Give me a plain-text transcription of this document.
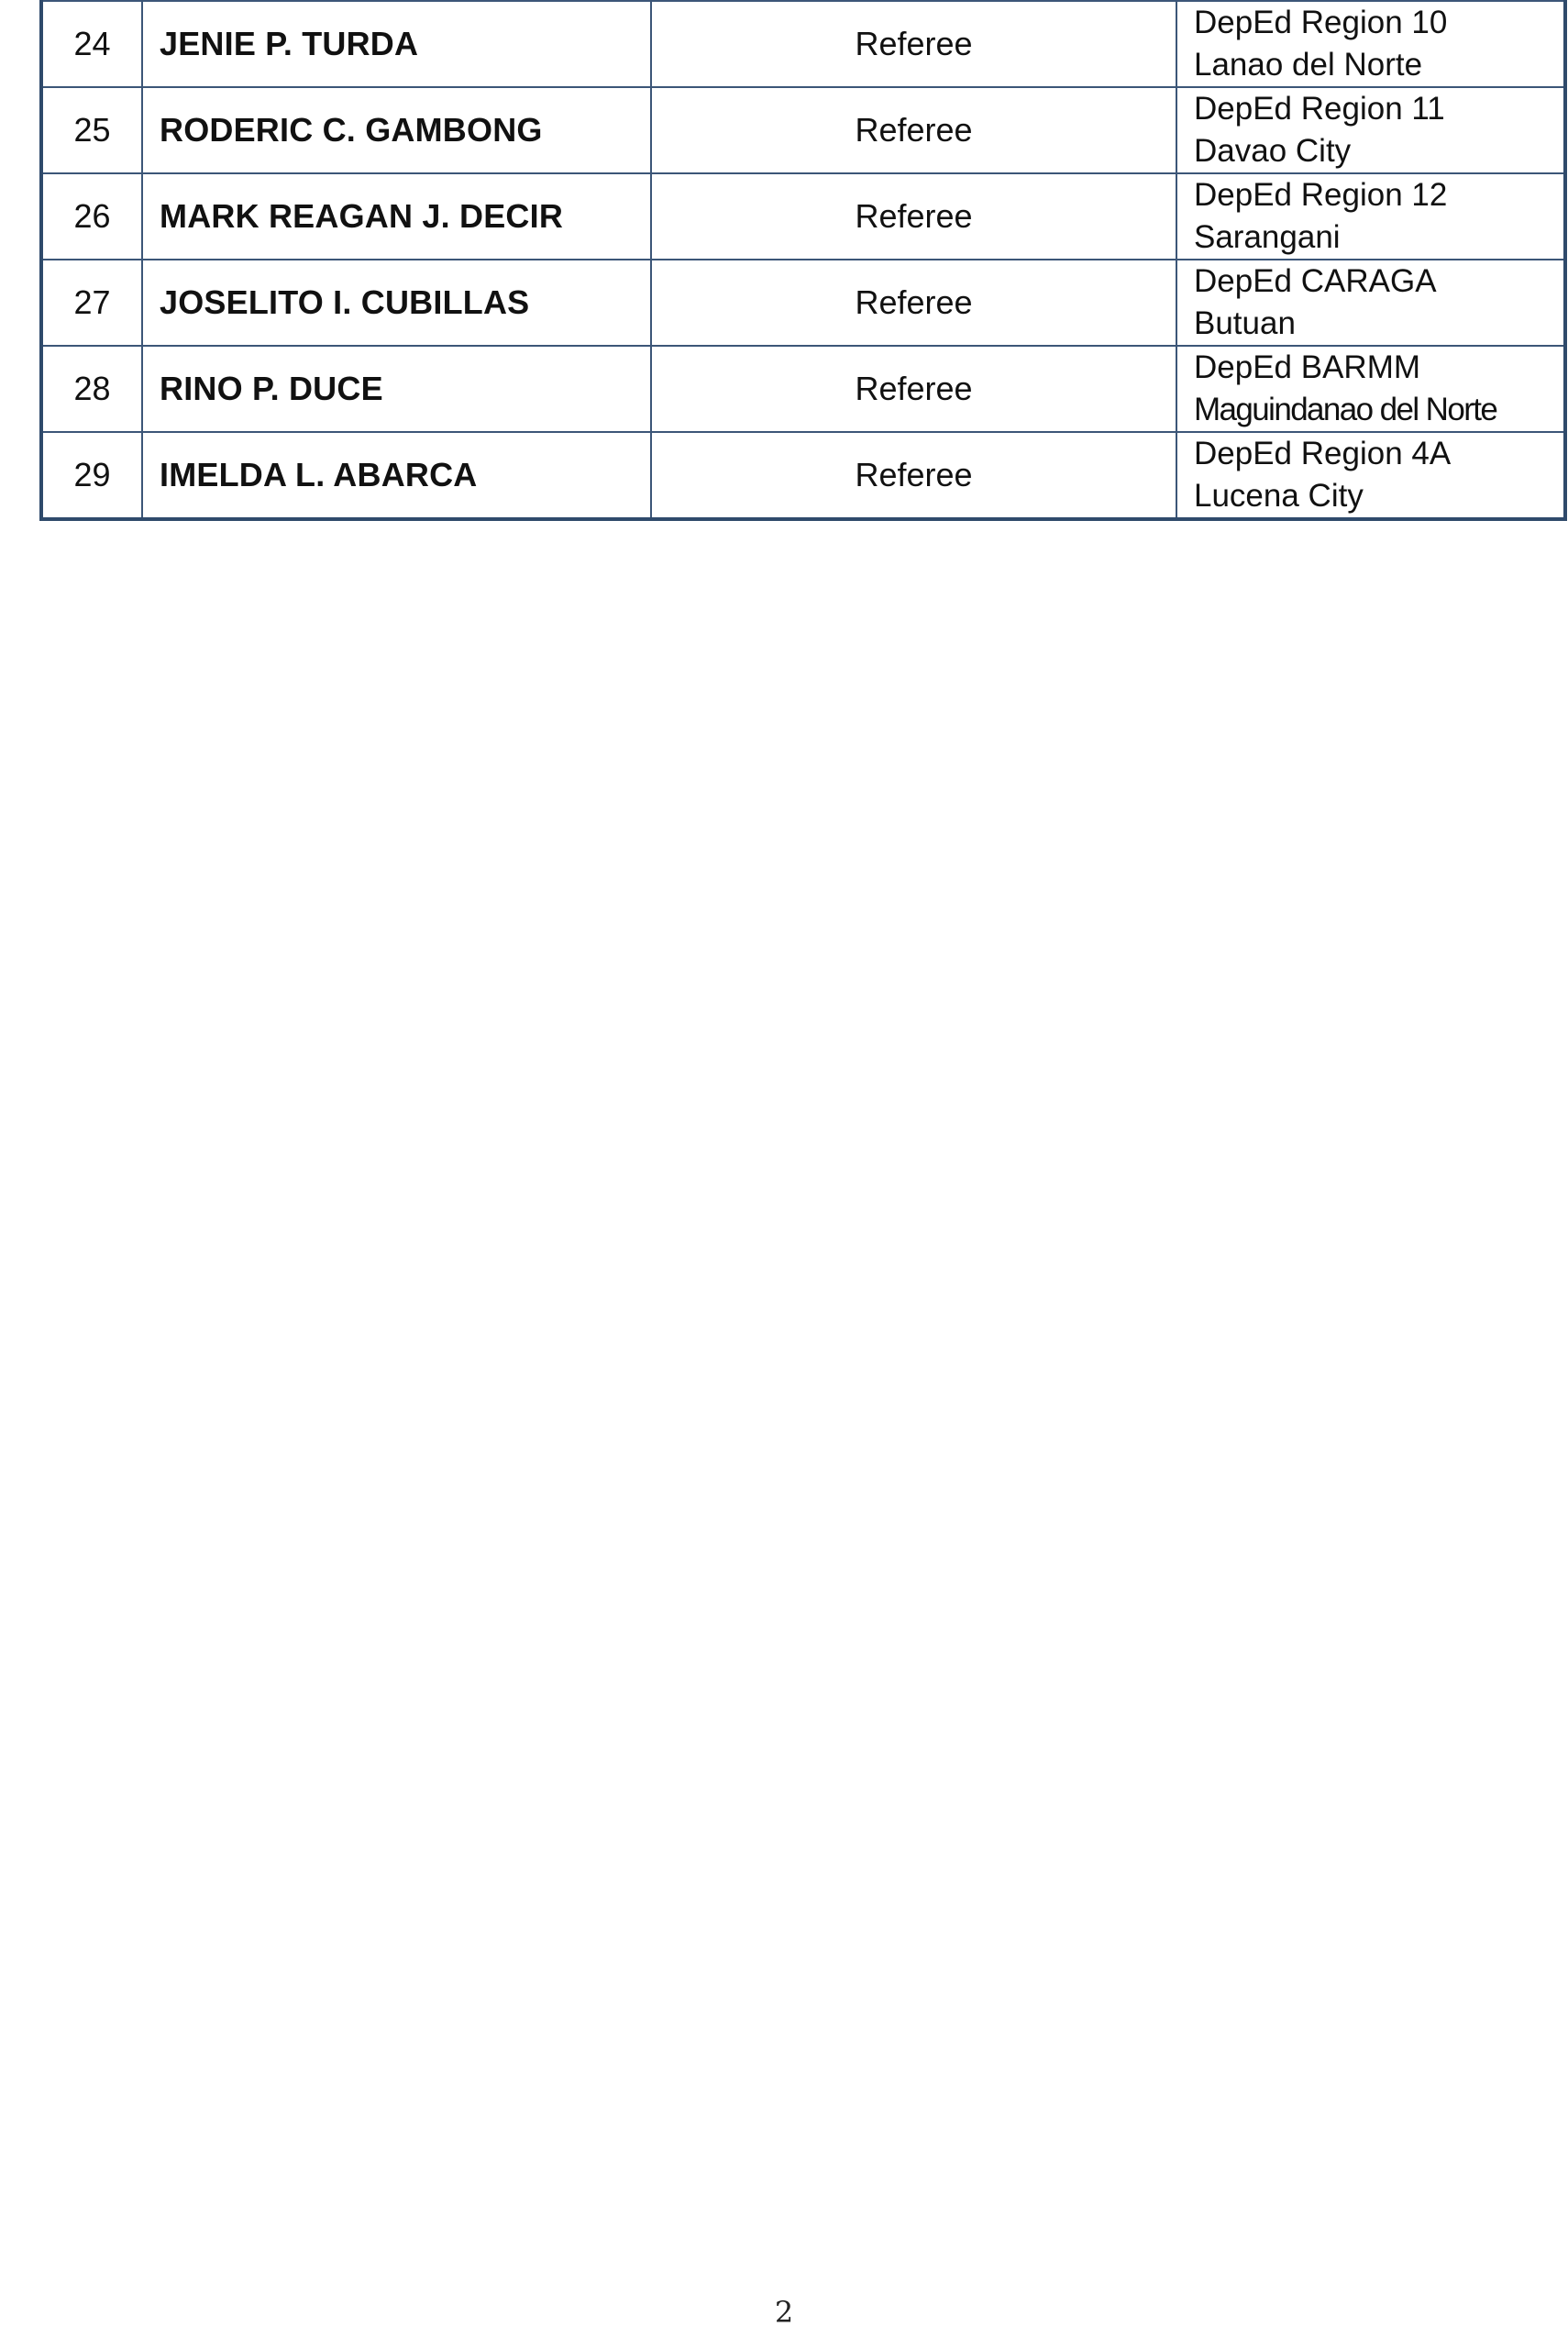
24	JENIE P. TURDA	Referee	DepEd Region 10
Lanao del Norte

25	RODERIC C. GAMBONG	Referee	DepEd Region 11
Davao City

26	MARK REAGAN J. DECIR	Referee	DepEd Region 12
Sarangani

27	JOSELITO I. CUBILLAS	Referee	DepEd CARAGA
Butuan

28	RINO P. DUCE	Referee	DepEd BARMM
Maguindanao del Norte

29	IMELDA L. ABARCA	Referee	DepEd Region 4A
Lucena City
2
